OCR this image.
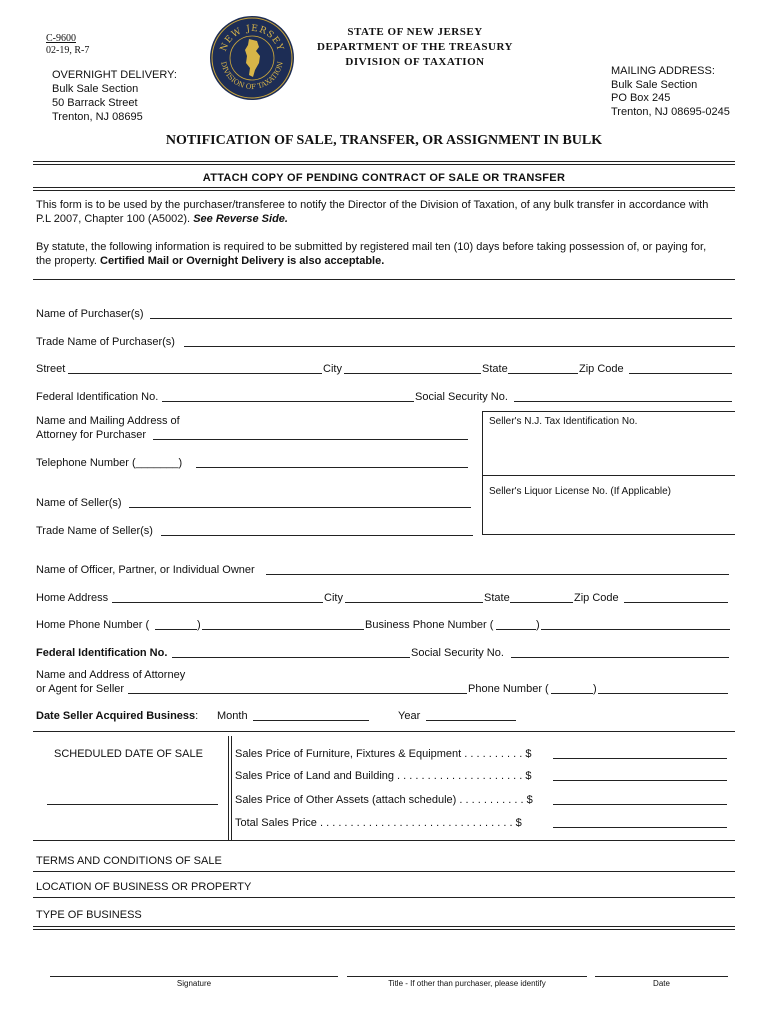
C-9600
02-19, R-7	NEW JERSEY
DIVISION OF TAXATION
STATE OF NEW JERSEY
DEPARTMENT OF THE TREASURY
DIVISION OF TAXATION
OVERNIGHT DELIVERY:
Bulk Sale Section
50 Barrack Street
Trenton, NJ 08695
MAILING ADDRESS:
Bulk Sale Section
PO Box 245
Trenton, NJ 08695-0245
NOTIFICATION OF SALE, TRANSFER, OR ASSIGNMENT IN BULK
ATTACH COPY OF PENDING CONTRACT OF SALE OR TRANSFER
This form is to be used by the purchaser/transferee to notify the Director of the Division of Taxation, of any bulk transfer in accordance with
P.L 2007, Chapter 100 (A5002). See Reverse Side.
By statute, the following information is required to be submitted by registered mail ten (10) days before taking possession of, or paying for,
the property. Certified Mail or Overnight Delivery is also acceptable.
Name of Purchaser(s)
Trade Name of Purchaser(s)
Street	City	State	Zip Code
Federal Identification No.	Social Security No.
Name and Mailing Address of
Attorney for Purchaser
Telephone Number (_______)
Seller's N.J. Tax Identification No.
Seller's Liquor License No. (If Applicable)
Name of Seller(s)
Trade Name of Seller(s)
Name of Officer, Partner, or Individual Owner
Home Address	City	State	Zip Code
Home Phone Number (	)	Business Phone Number (	)
Federal Identification No.	Social Security No.
Name and Address of Attorney
or Agent for Seller	Phone Number (	)
Date Seller Acquired Business: Month	Year
SCHEDULED DATE OF SALE	Sales Price of Furniture, Fixtures & Equipment . . . . . . . . . . $
Sales Price of Land and Building . . . . . . . . . . . . . . . . . . . . . $
Sales Price of Other Assets (attach schedule) . . . . . . . . . . . $
Total Sales Price . . . . . . . . . . . . . . . . . . . . . . . . . . . . . . . . $
TERMS AND CONDITIONS OF SALE
LOCATION OF BUSINESS OR PROPERTY
TYPE OF BUSINESS
Signature	Title - If other than purchaser, please identify	Date
